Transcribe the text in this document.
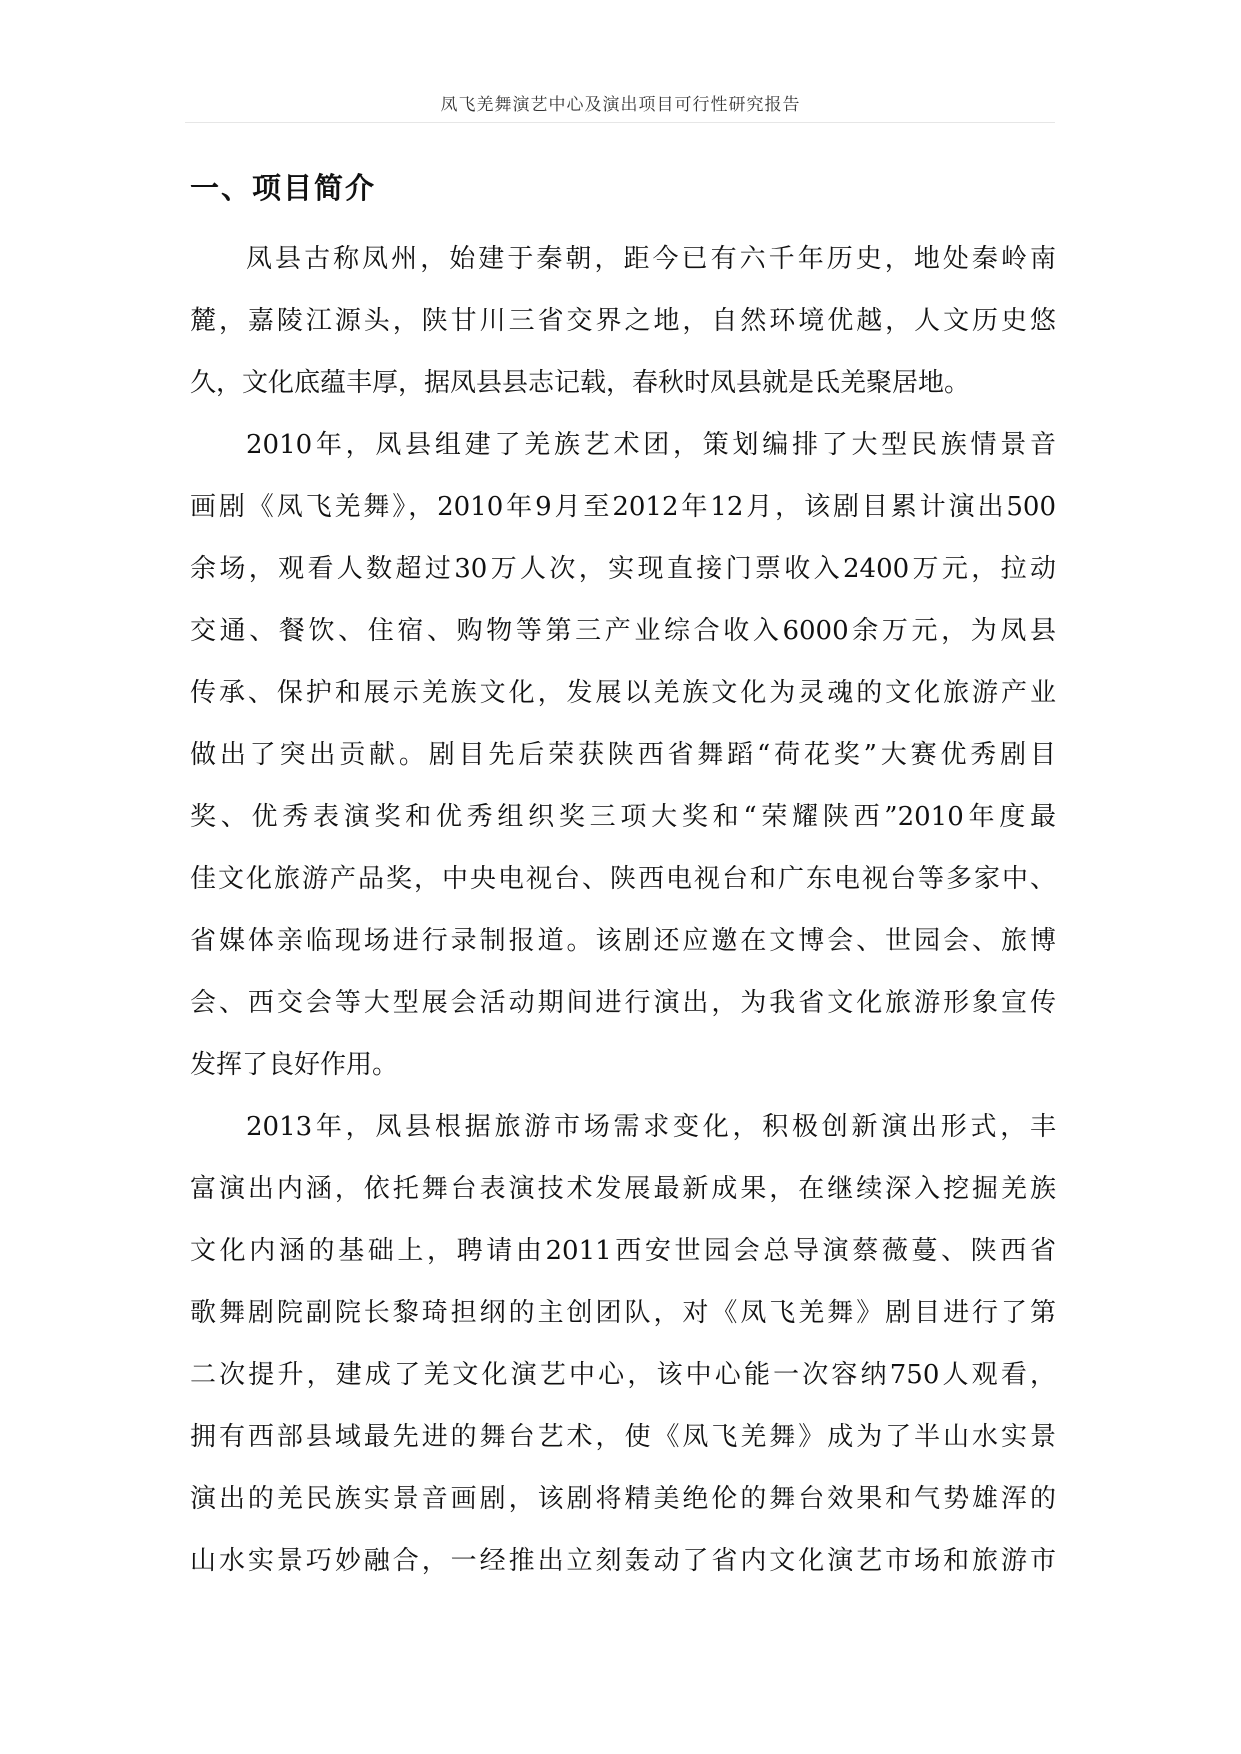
凤飞羌舞演艺中心及演出项目可行性研究报告
一、项目简介
凤县古称凤州，始建于秦朝，距今已有六千年历史，地处秦岭南
麓，嘉陵江源头，陕甘川三省交界之地，自然环境优越，人文历史悠
久，文化底蕴丰厚，据凤县县志记载，春秋时凤县就是氐羌聚居地。
2010年，凤县组建了羌族艺术团，策划编排了大型民族情景音
画剧《凤飞羌舞》，2010年9月至2012年12月，该剧目累计演出500
余场，观看人数超过30万人次，实现直接门票收入2400万元，拉动
交通、餐饮、住宿、购物等第三产业综合收入6000余万元，为凤县
传承、保护和展示羌族文化，发展以羌族文化为灵魂的文化旅游产业
做出了突出贡献。剧目先后荣获陕西省舞蹈“荷花奖”大赛优秀剧目
奖、优秀表演奖和优秀组织奖三项大奖和“荣耀陕西”2010年度最
佳文化旅游产品奖，中央电视台、陕西电视台和广东电视台等多家中、
省媒体亲临现场进行录制报道。该剧还应邀在文博会、世园会、旅博
会、西交会等大型展会活动期间进行演出，为我省文化旅游形象宣传
发挥了良好作用。
2013年，凤县根据旅游市场需求变化，积极创新演出形式，丰
富演出内涵，依托舞台表演技术发展最新成果，在继续深入挖掘羌族
文化内涵的基础上，聘请由2011西安世园会总导演蔡薇蔓、陕西省
歌舞剧院副院长黎琦担纲的主创团队，对《凤飞羌舞》剧目进行了第
二次提升，建成了羌文化演艺中心，该中心能一次容纳750人观看，
拥有西部县域最先进的舞台艺术，使《凤飞羌舞》成为了半山水实景
演出的羌民族实景音画剧，该剧将精美绝伦的舞台效果和气势雄浑的
山水实景巧妙融合，一经推出立刻轰动了省内文化演艺市场和旅游市
